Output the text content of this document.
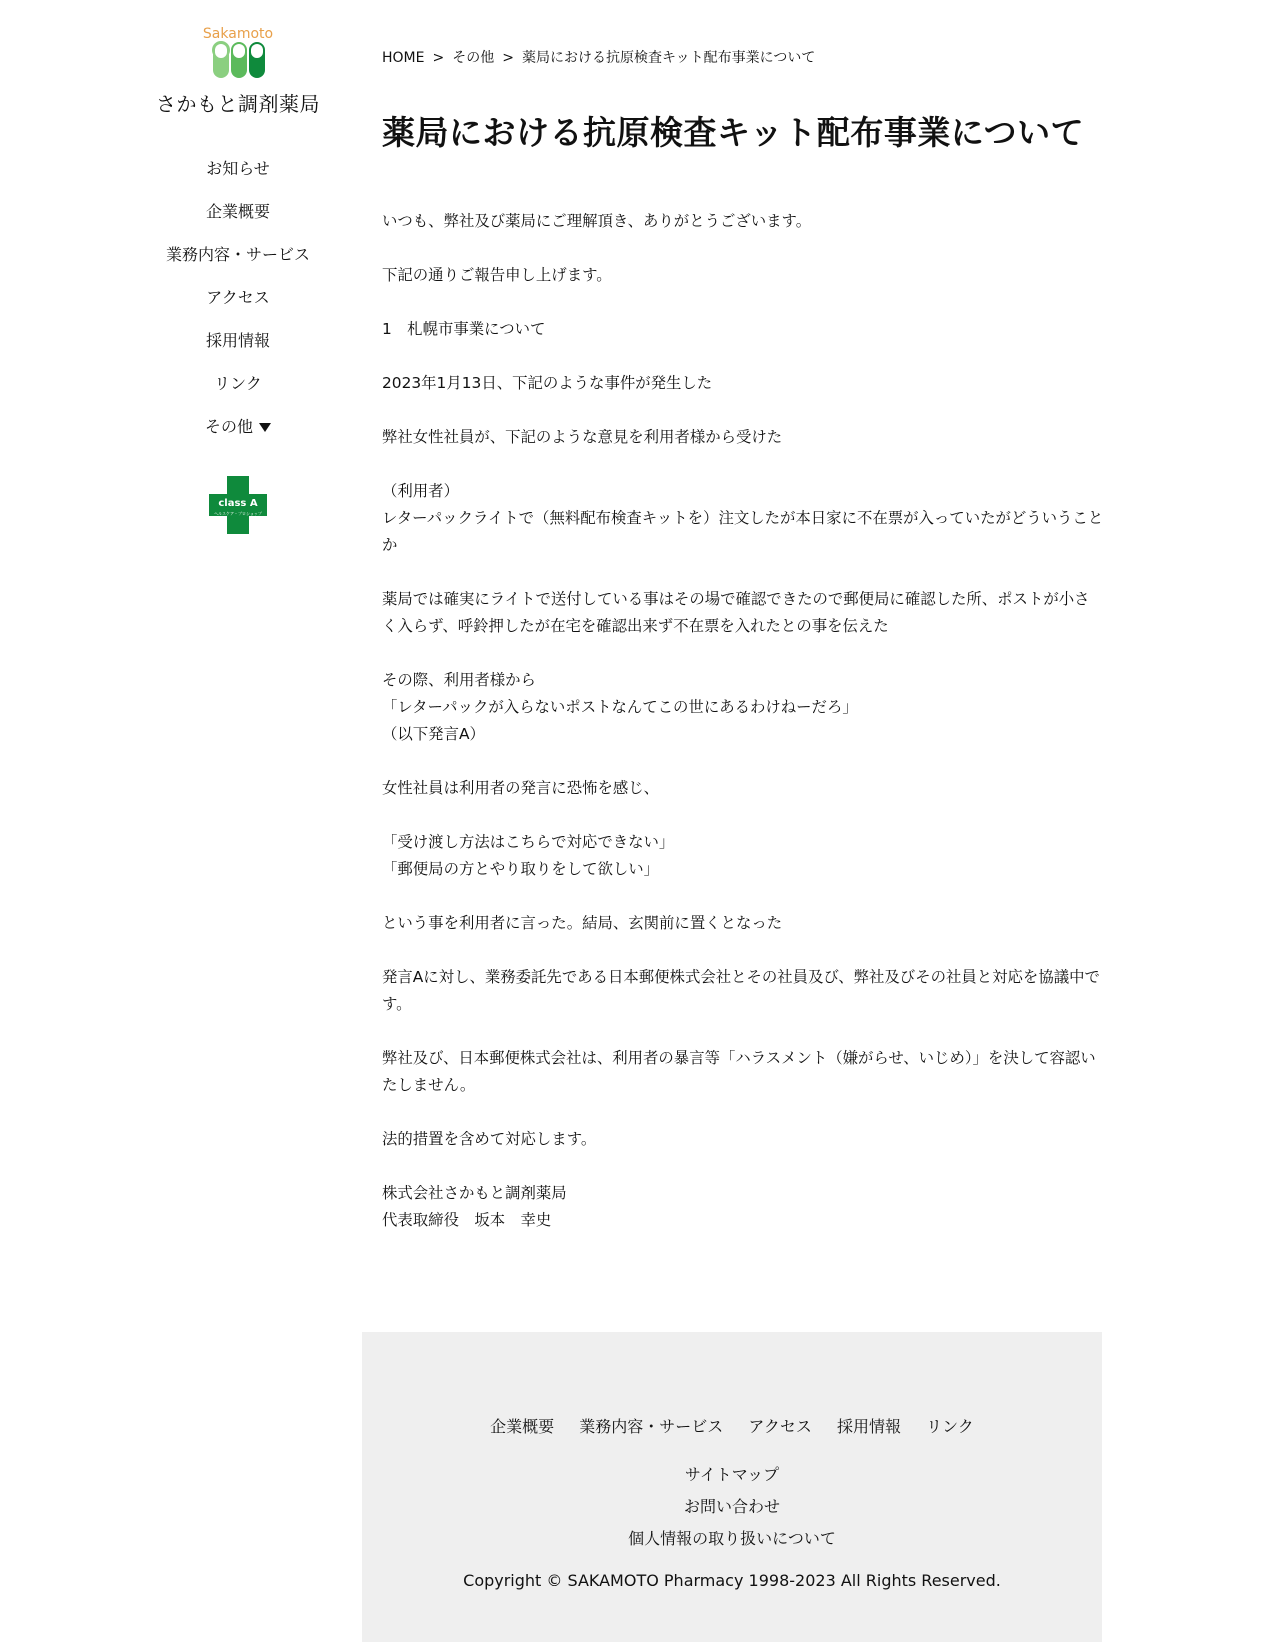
Sakamoto
さかもと調剤薬局
お知らせ
企業概要
業務内容・サービス
アクセス
採用情報
リンク
その他
class A
ヘルスケア・プロショップ
HOME > その他 > 薬局における抗原検査キット配布事業について
薬局における抗原検査キット配布事業について

いつも、弊社及び薬局にご理解頂き、ありがとうございます。

下記の通りご報告申し上げます。

1　札幌市事業について

2023年1月13日、下記のような事件が発生した

弊社女性社員が、下記のような意見を利用者様から受けた

（利用者）
レターパックライトで（無料配布検査キットを）注文したが本日家に不在票が入っていたがどういうことか

薬局では確実にライトで送付している事はその場で確認できたので郵便局に確認した所、ポストが小さく入らず、呼鈴押したが在宅を確認出来ず不在票を入れたとの事を伝えた

その際、利用者様から
「レターパックが入らないポストなんてこの世にあるわけねーだろ」
（以下発言A）

女性社員は利用者の発言に恐怖を感じ、

「受け渡し方法はこちらで対応できない」
「郵便局の方とやり取りをして欲しい」

という事を利用者に言った。結局、玄関前に置くとなった

発言Aに対し、業務委託先である日本郵便株式会社とその社員及び、弊社及びその社員と対応を協議中です。

弊社及び、日本郵便株式会社は、利用者の暴言等「ハラスメント（嫌がらせ、いじめ）」を決して容認いたしません。

法的措置を含めて対応します。

株式会社さかもと調剤薬局
代表取締役　坂本　幸史

企業概要 業務内容・サービス アクセス 採用情報 リンク
サイトマップ
お問い合わせ
個人情報の取り扱いについて
Copyright © SAKAMOTO Pharmacy 1998-2023 All Rights Reserved.
